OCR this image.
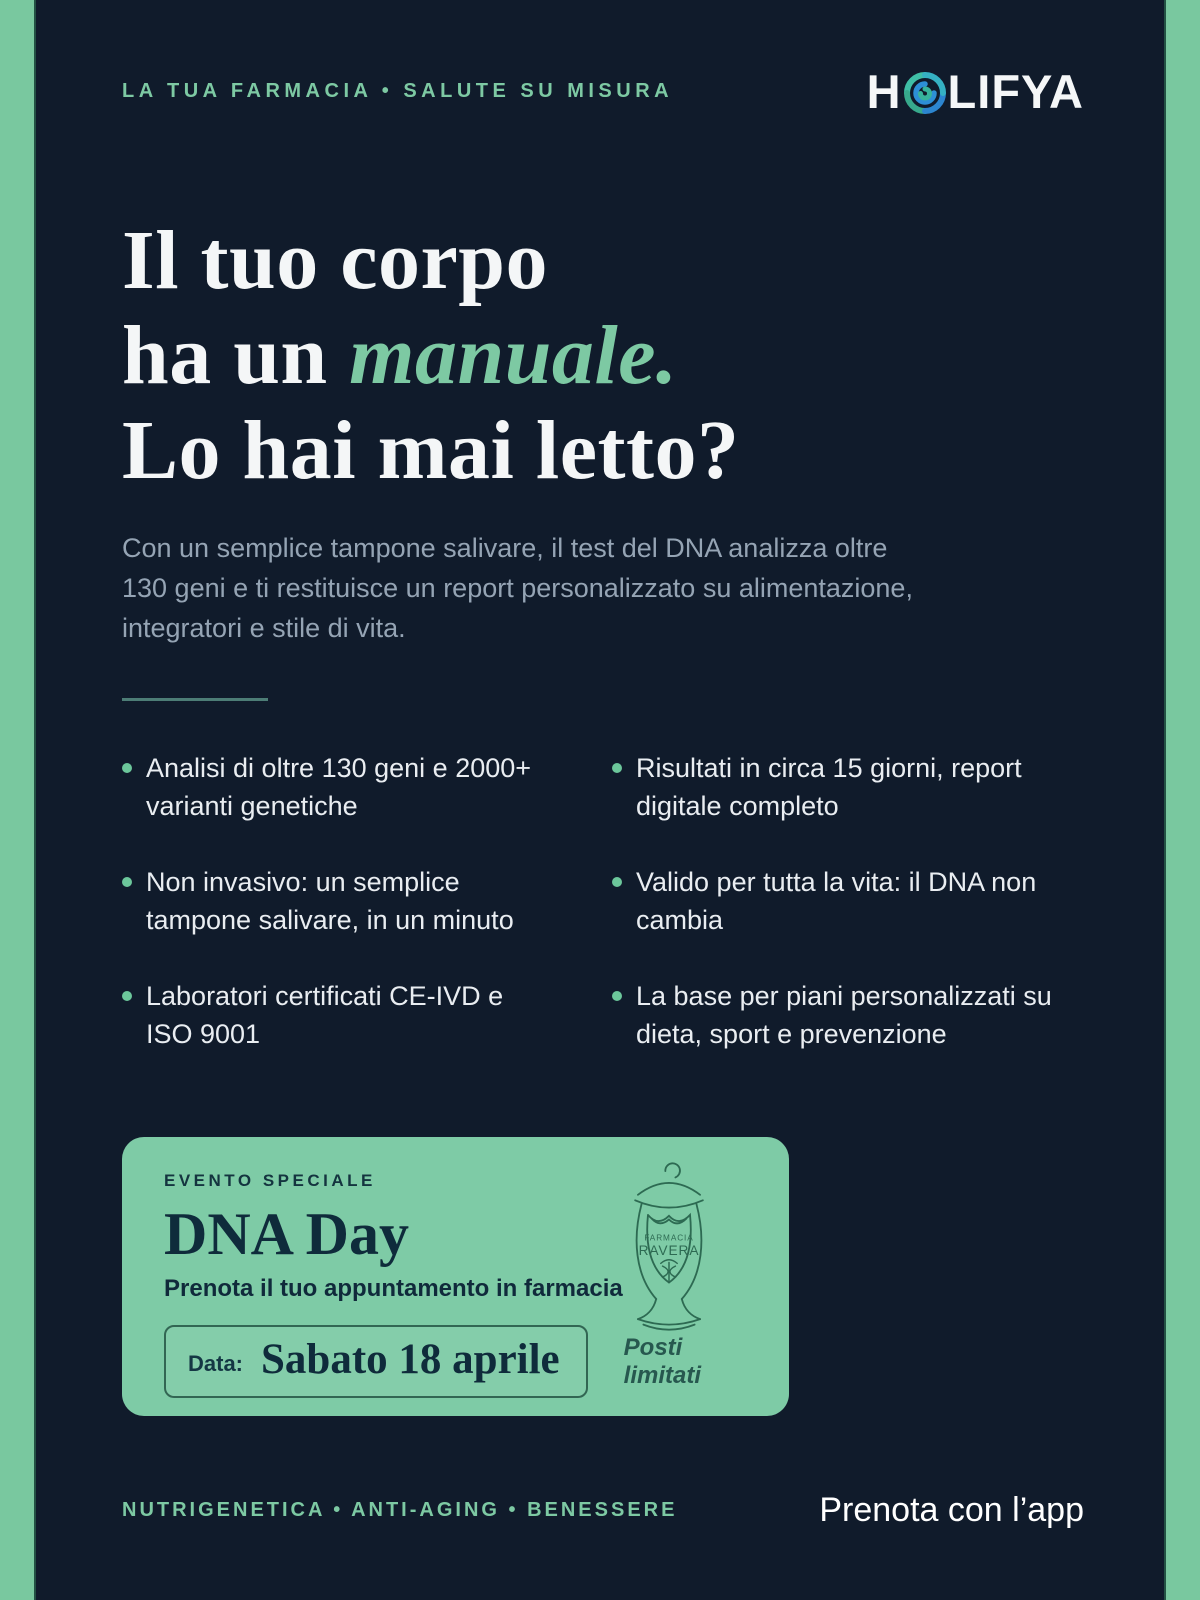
LA TUA FARMACIA • SALUTE SU MISURA	H LIFYA
Il tuo corpo
ha un manuale.
Lo hai mai letto?

Con un semplice tampone salivare, il test del DNA analizza oltre 130 geni e ti restituisce un report personalizzato su alimentazione, integratori e stile di vita.

Analisi di oltre 130 geni e 2000+ varianti genetiche
Non invasivo: un semplice tampone salivare, in un minuto
Laboratori certificati CE-IVD e ISO 9001
Risultati in circa 15 giorni, report digitale completo
Valido per tutta la vita: il DNA non cambia
La base per piani personalizzati su dieta, sport e prevenzione
EVENTO SPECIALE
DNA Day
Prenota il tuo appuntamento in farmacia
Data: Sabato 18 aprile	Posti limitati
FARMACIA
RAVERA
NUTRIGENETICA • ANTI-AGING • BENESSERE	Prenota con l’app
